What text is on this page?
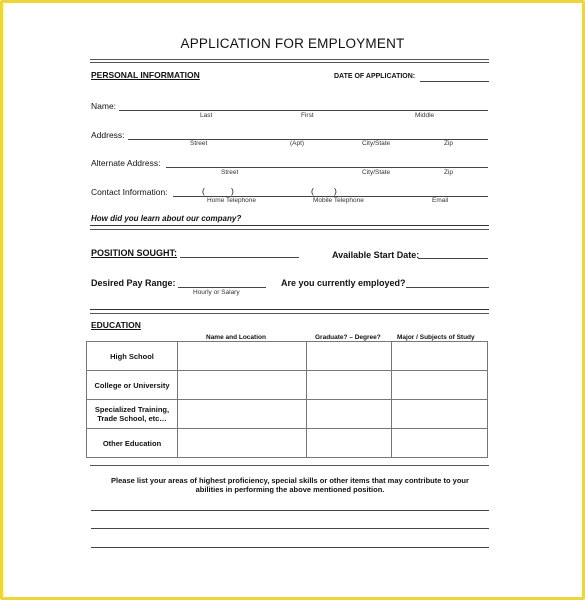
APPLICATION FOR EMPLOYMENT
PERSONAL INFORMATION	DATE OF APPLICATION:
Name:
Last	First	Middle
Address:
Street	(Apt)	City/State	Zip
Alternate Address:
Street	City/State	Zip
Contact Information:	(	)	( )
Home Telephone	Mobile Telephone	Email
How did you learn about our company?
POSITION SOUGHT:	Available Start Date:
Desired Pay Range:
Hourly or Salary
Are you currently employed?
EDUCATION
Name and Location	Graduate? – Degree?	Major / Subjects of Study
High School			
College or University			
Specialized Training,
Trade School, etc…			
Other Education			
Please list your areas of highest proficiency, special skills or other items that may contribute to your
abilities in performing the above mentioned position.
